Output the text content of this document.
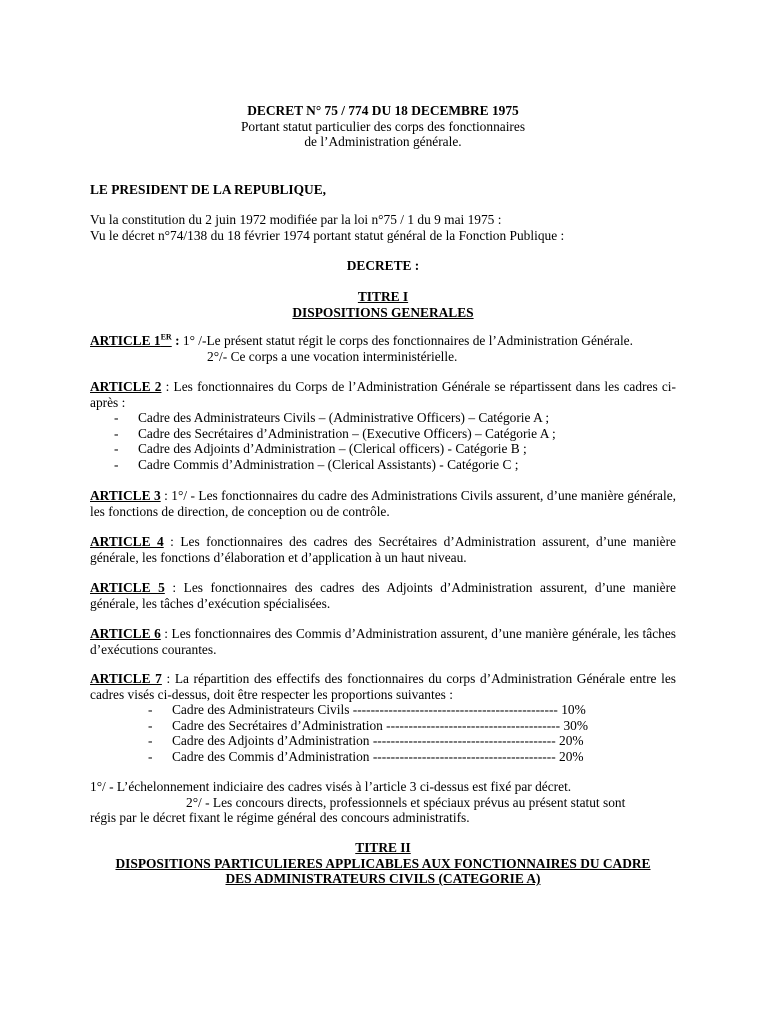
DECRET N° 75 / 774 DU 18 DECEMBRE 1975

Portant statut particulier des corps des fonctionnaires

de l’Administration générale.

LE PRESIDENT DE LA REPUBLIQUE,

Vu la constitution du 2 juin 1972 modifiée par la loi n°75 / 1 du 9 mai 1975 :

Vu le décret n°74/138 du 18 février 1974 portant statut général de la Fonction Publique :

DECRETE :

TITRE I

DISPOSITIONS GENERALES

ARTICLE 1ER : 1° /-Le présent statut régit le corps des fonctionnaires de l’Administration Générale.

2°/- Ce corps a une vocation interministérielle.

ARTICLE 2 : Les fonctionnaires du Corps de l’Administration Générale se répartissent dans les cadres ci-après :

- Cadre des Administrateurs Civils – (Administrative Officers) – Catégorie A ;
- Cadre des Secrétaires d’Administration – (Executive Officers) – Catégorie A ;
- Cadre des Adjoints d’Administration – (Clerical officers) - Catégorie B ;
- Cadre Commis d’Administration – (Clerical Assistants) - Catégorie C ;

ARTICLE 3 : 1°/ - Les fonctionnaires du cadre des Administrations Civils assurent, d’une manière générale, les fonctions de direction, de conception ou de contrôle.

ARTICLE 4 : Les fonctionnaires des cadres des Secrétaires d’Administration assurent, d’une manière générale, les fonctions d’élaboration et d’application à un haut niveau.

ARTICLE 5 : Les fonctionnaires des cadres des Adjoints d’Administration assurent, d’une manière générale, les tâches d’exécution spécialisées.

ARTICLE 6 : Les fonctionnaires des Commis d’Administration assurent, d’une manière générale, les tâches d’exécutions courantes.

ARTICLE 7 : La répartition des effectifs des fonctionnaires du corps d’Administration Générale entre les cadres visés ci-dessus, doit être respecter les proportions suivantes :

- Cadre des Administrateurs Civils ---------------------------------------------- 10%
- Cadre des Secrétaires d’Administration --------------------------------------- 30%
- Cadre des Adjoints d’Administration ----------------------------------------- 20%
- Cadre des Commis d’Administration ----------------------------------------- 20%

1°/ - L’échelonnement indiciaire des cadres visés à l’article 3 ci-dessus est fixé par décret.

2°/ - Les concours directs, professionnels et spéciaux prévus au présent statut sont

régis par le décret fixant le régime général des concours administratifs.

TITRE II

DISPOSITIONS PARTICULIERES APPLICABLES AUX FONCTIONNAIRES DU CADRE

DES ADMINISTRATEURS CIVILS (CATEGORIE A)
